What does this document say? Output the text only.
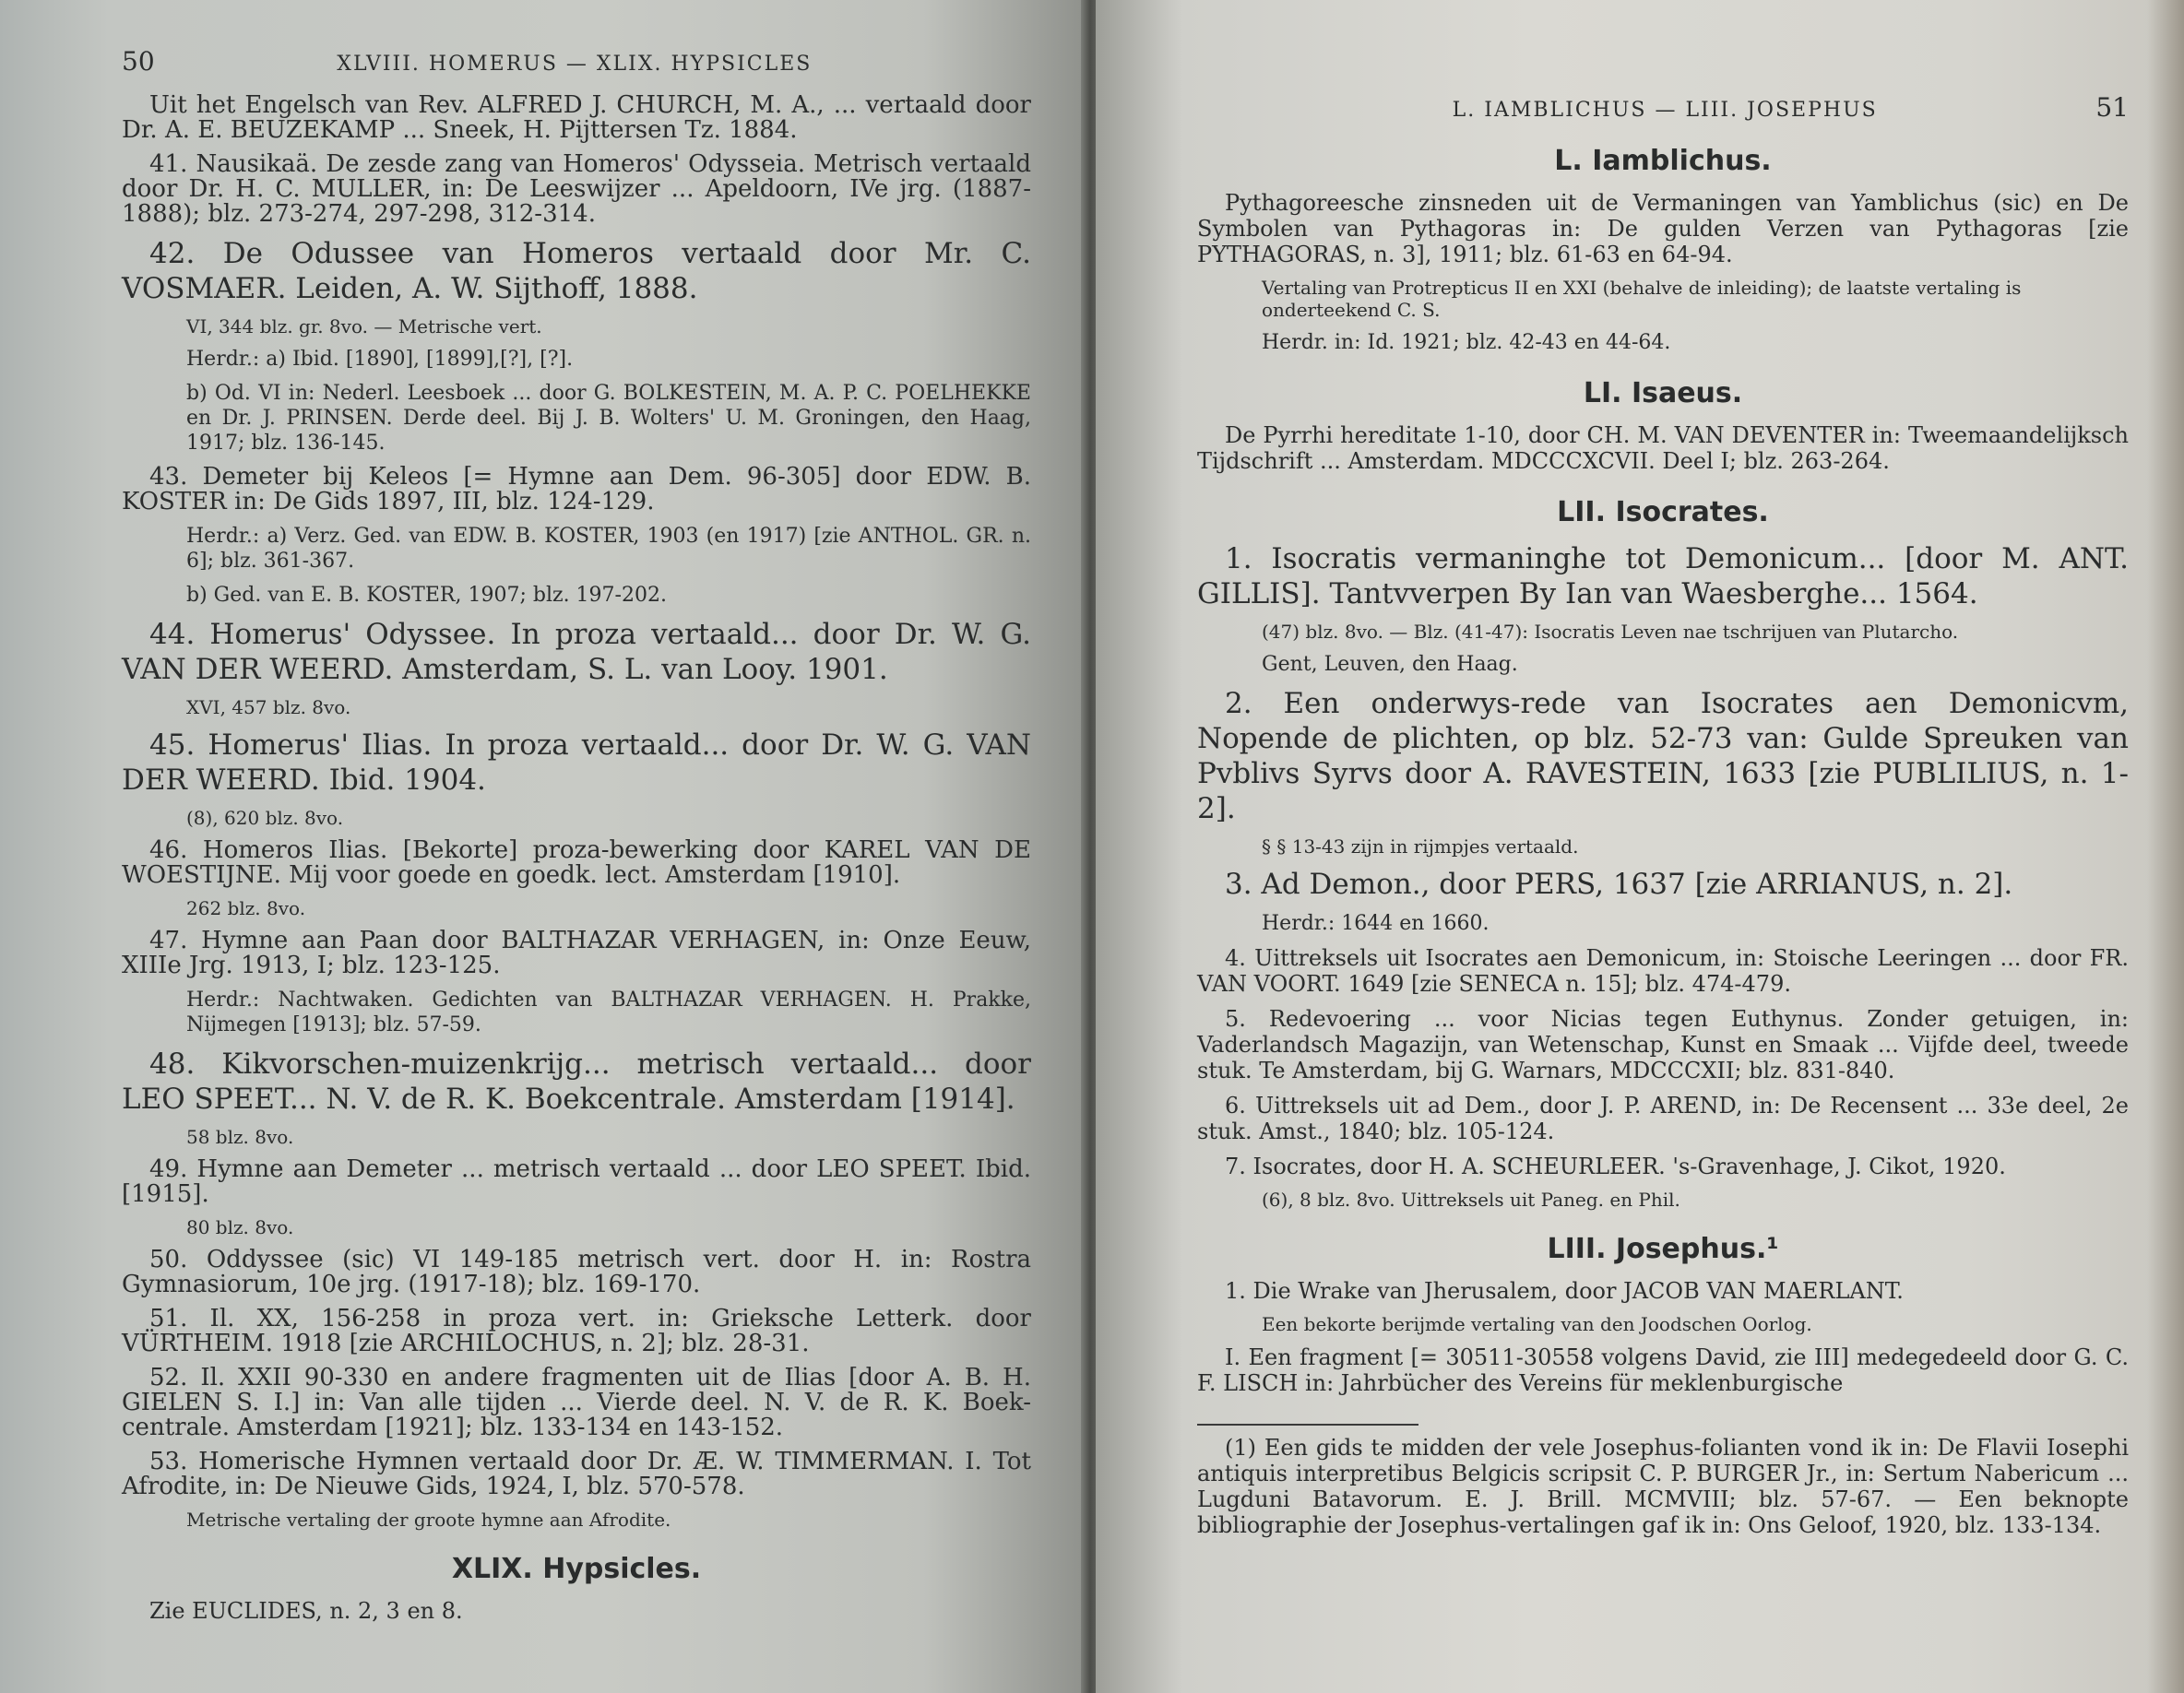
50	XLVIII. HOMERUS — XLIX. HYPSICLES
Uit het Engelsch van Rev. ALFRED J. CHURCH, M. A., ... vertaald door Dr. A. E. BEUZEKAMP ... Sneek, H. Pijttersen Tz. 1884.
41. Nausikaä. De zesde zang van Homeros' Odysseia. Metrisch vertaald door Dr. H. C. MULLER, in: De Leeswijzer ... Apeldoorn, IVe jrg. (1887-1888); blz. 273-274, 297-298, 312-314.
42. De Odussee van Homeros vertaald door Mr. C. VOSMAER. Leiden, A. W. Sijthoff, 1888.
VI, 344 blz. gr. 8vo. — Metrische vert.
Herdr.: a) Ibid. [1890], [1899],[?], [?].
b) Od. VI in: Nederl. Leesboek ... door G. BOLKESTEIN, M. A. P. C. POELHEKKE en Dr. J. PRINSEN. Derde deel. Bij J. B. Wolters' U. M. Groningen, den Haag, 1917; blz. 136-145.
43. Demeter bij Keleos [= Hymne aan Dem. 96-305] door EDW. B. KOSTER in: De Gids 1897, III, blz. 124-129.
Herdr.: a) Verz. Ged. van EDW. B. KOSTER, 1903 (en 1917) [zie ANTHOL. GR. n. 6]; blz. 361-367.
b) Ged. van E. B. KOSTER, 1907; blz. 197-202.
44. Homerus' Odyssee. In proza vertaald... door Dr. W. G. VAN DER WEERD. Amsterdam, S. L. van Looy. 1901.
XVI, 457 blz. 8vo.
45. Homerus' Ilias. In proza vertaald... door Dr. W. G. VAN DER WEERD. Ibid. 1904.
(8), 620 blz. 8vo.
46. Homeros Ilias. [Bekorte] proza-bewerking door KAREL VAN DE WOESTIJNE. Mij voor goede en goedk. lect. Amsterdam [1910].
262 blz. 8vo.
47. Hymne aan Paan door BALTHAZAR VERHAGEN, in: Onze Eeuw, XIIIe Jrg. 1913, I; blz. 123-125.
Herdr.: Nachtwaken. Gedichten van BALTHAZAR VERHAGEN. H. Prakke, Nijmegen [1913]; blz. 57-59.
48. Kikvorschen-muizenkrijg... metrisch vertaald... door LEO SPEET... N. V. de R. K. Boekcentrale. Amsterdam [1914].
58 blz. 8vo.
49. Hymne aan Demeter ... metrisch vertaald ... door LEO SPEET. Ibid. [1915].
80 blz. 8vo.
50. Oddyssee (sic) VI 149-185 metrisch vert. door H. in: Rostra Gymnasiorum, 10e jrg. (1917-18); blz. 169-170.
51. Il. XX, 156-258 in proza vert. in: Grieksche Letterk. door VÜRTHEIM. 1918 [zie ARCHILOCHUS, n. 2]; blz. 28-31.
52. Il. XXII 90-330 en andere fragmenten uit de Ilias [door A. B. H. GIELEN S. I.] in: Van alle tijden ... Vierde deel. N. V. de R. K. Boek-centrale. Amsterdam [1921]; blz. 133-134 en 143-152.
53. Homerische Hymnen vertaald door Dr. Æ. W. TIMMERMAN. I. Tot Afrodite, in: De Nieuwe Gids, 1924, I, blz. 570-578.
Metrische vertaling der groote hymne aan Afrodite.
XLIX. Hypsicles.
Zie EUCLIDES, n. 2, 3 en 8.
L. IAMBLICHUS — LIII. JOSEPHUS	51
L. Iamblichus.
Pythagoreesche zinsneden uit de Vermaningen van Yamblichus (sic) en De Symbolen van Pythagoras in: De gulden Verzen van Pythagoras [zie PYTHAGORAS, n. 3], 1911; blz. 61-63 en 64-94.
Vertaling van Protrepticus II en XXI (behalve de inleiding); de laatste vertaling is onderteekend C. S.
Herdr. in: Id. 1921; blz. 42-43 en 44-64.
LI. Isaeus.
De Pyrrhi hereditate 1-10, door CH. M. VAN DEVENTER in: Tweemaandelijksch Tijdschrift ... Amsterdam. MDCCCXCVII. Deel I; blz. 263-264.
LII. Isocrates.
1. Isocratis vermaninghe tot Demonicum... [door M. ANT. GILLIS]. Tantvverpen By Ian van Waesberghe... 1564.
(47) blz. 8vo. — Blz. (41-47): Isocratis Leven nae tschrijuen van Plutarcho.
Gent, Leuven, den Haag.
2. Een onderwys-rede van Isocrates aen Demonicvm, Nopende de plichten, op blz. 52-73 van: Gulde Spreuken van Pvblivs Syrvs door A. RAVESTEIN, 1633 [zie PUBLILIUS, n. 1-2].
§ § 13-43 zijn in rijmpjes vertaald.
3. Ad Demon., door PERS, 1637 [zie ARRIANUS, n. 2].
Herdr.: 1644 en 1660.
4. Uittreksels uit Isocrates aen Demonicum, in: Stoische Leeringen ... door FR. VAN VOORT. 1649 [zie SENECA n. 15]; blz. 474-479.
5. Redevoering ... voor Nicias tegen Euthynus. Zonder getuigen, in: Vaderlandsch Magazijn, van Wetenschap, Kunst en Smaak ... Vijfde deel, tweede stuk. Te Amsterdam, bij G. Warnars, MDCCCXII; blz. 831-840.
6. Uittreksels uit ad Dem., door J. P. AREND, in: De Recensent ... 33e deel, 2e stuk. Amst., 1840; blz. 105-124.
7. Isocrates, door H. A. SCHEURLEER. 's-Gravenhage, J. Cikot, 1920.
(6), 8 blz. 8vo. Uittreksels uit Paneg. en Phil.
LIII. Josephus.¹
1. Die Wrake van Jherusalem, door JACOB VAN MAERLANT.
Een bekorte berijmde vertaling van den Joodschen Oorlog.
I. Een fragment [= 30511-30558 volgens David, zie III] medegedeeld door G. C. F. LISCH in: Jahrbücher des Vereins für meklenburgische
(1) Een gids te midden der vele Josephus-folianten vond ik in: De Flavii Iosephi antiquis interpretibus Belgicis scripsit C. P. BURGER Jr., in: Sertum Nabericum ... Lugduni Batavorum. E. J. Brill. MCMVIII; blz. 57-67. — Een beknopte bibliographie der Josephus-vertalingen gaf ik in: Ons Geloof, 1920, blz. 133-134.
